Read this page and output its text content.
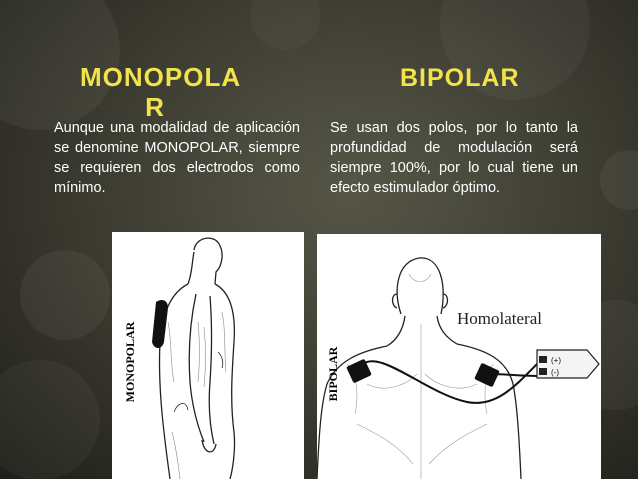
MONOPOLA
R

Aunque una modalidad de aplicación se denomine MONOPOLAR, siempre se requieren dos electrodos como mínimo.

MONOPOLAR
BIPOLAR

Se usan dos polos, por lo tanto la profundidad de modulación será siempre 100%, por lo cual tiene un efecto estimulador óptimo.

(+)
(-)
Homolateral
BIPOLAR
